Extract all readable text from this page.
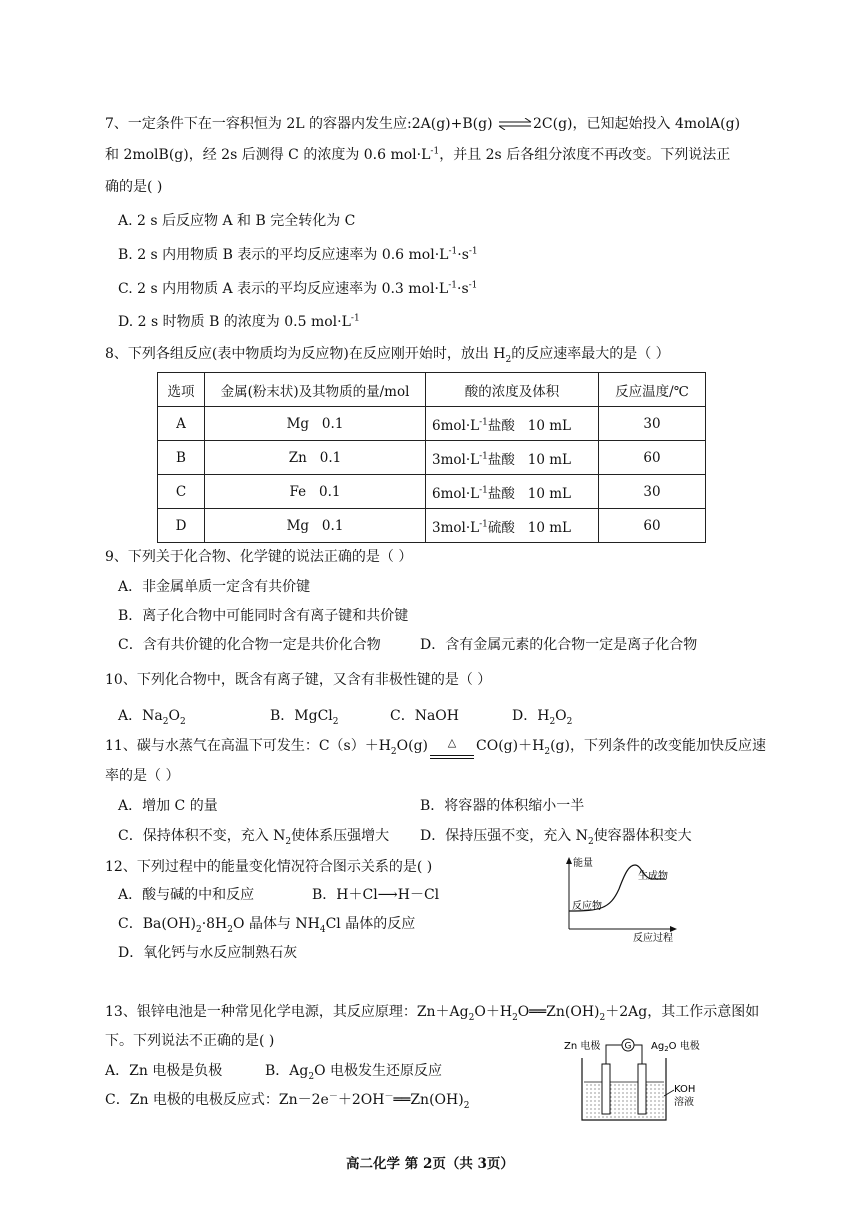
7、一定条件下在一容积恒为 2L 的容器内发生应:2A(g)+B(g) ⇌2C(g)，已知起始投入 4molA(g)
和 2molB(g)，经 2s 后测得 C 的浓度为 0.6 $mol\cdot L^{-1}$，并且 2s 后各组分浓度不再改变。下列说法正
确的是( )
A. 2 s 后反应物 A 和 B 完全转化为 C
B. 2 s 内用物质 B 表示的平均反应速率为 0.6 $mol\cdot L^{-1}\cdot s^{-1}$
C. 2 s 内用物质 A 表示的平均反应速率为 0.3 $mol\cdot L^{-1}\cdot s^{-1}$
D. 2 s 时物质 B 的浓度为 0.5 $mol\cdot L^{-1}$
8、下列各组反应(表中物质均为反应物)在反应刚开始时，放出 $H_2$的反应速率最大的是（ ）
选项	金属(粉末状)及其物质的量/mol	酸的浓度及体积	反应温度/℃
A	Mg   0.1	$6mol\cdot L^{-1}$盐酸   10 mL	30
B	Zn   0.1	$3mol\cdot L^{-1}$盐酸   10 mL	60
C	Fe   0.1	$6mol\cdot L^{-1}$盐酸   10 mL	30
D	Mg   0.1	$3mol\cdot L^{-1}$硫酸   10 mL	60
9、下列关于化合物、化学键的说法正确的是（ ）
A．非金属单质一定含有共价键
B．离子化合物中可能同时含有离子键和共价键
C．含有共价键的化合物一定是共价化合物	D．含有金属元素的化合物一定是离子化合物
10、下列化合物中，既含有离子键，又含有非极性键的是（ ）
A．$Na_2O_2$	B．MgCl$_2$	C．NaOH	D．$H_2O_2$
11、碳与水蒸气在高温下可发生：$C(s)+H_2O(g)$ △ $CO(g)+H_2(g)$，下列条件的改变能加快反应速
率的是（ ）
A．增加 C 的量	B．将容器的体积缩小一半
C．保持体积不变，充入 $N_2$使体系压强增大 D．保持压强不变，充入 $N_2$使容器体积变大
12、下列过程中的能量变化情况符合图示关系的是( )
A．酸与碱的中和反应	B．H＋Cl⟶H－Cl
C．$Ba(OH)_2\cdot 8H_2O$ 晶体与 $NH_4Cl$ 晶体的反应
D．氧化钙与水反应制熟石灰
能量
反应物
生成物
反应过程
13、银锌电池是一种常见化学电源，其反应原理：$Zn+Ag_2O+H_2O══Zn(OH)_2+2Ag$，其工作示意图如
下。下列说法不正确的是( )
A．Zn 电极是负极	B．$Ag_2O$ 电极发生还原反应
C．Zn 电极的电极反应式：$Zn-2e^-+2OH^-══Zn(OH)_2$
Zn 电极	$Ag_2O$ 电极
G
KOH
溶液
高二化学 第 2页（共 3页）
